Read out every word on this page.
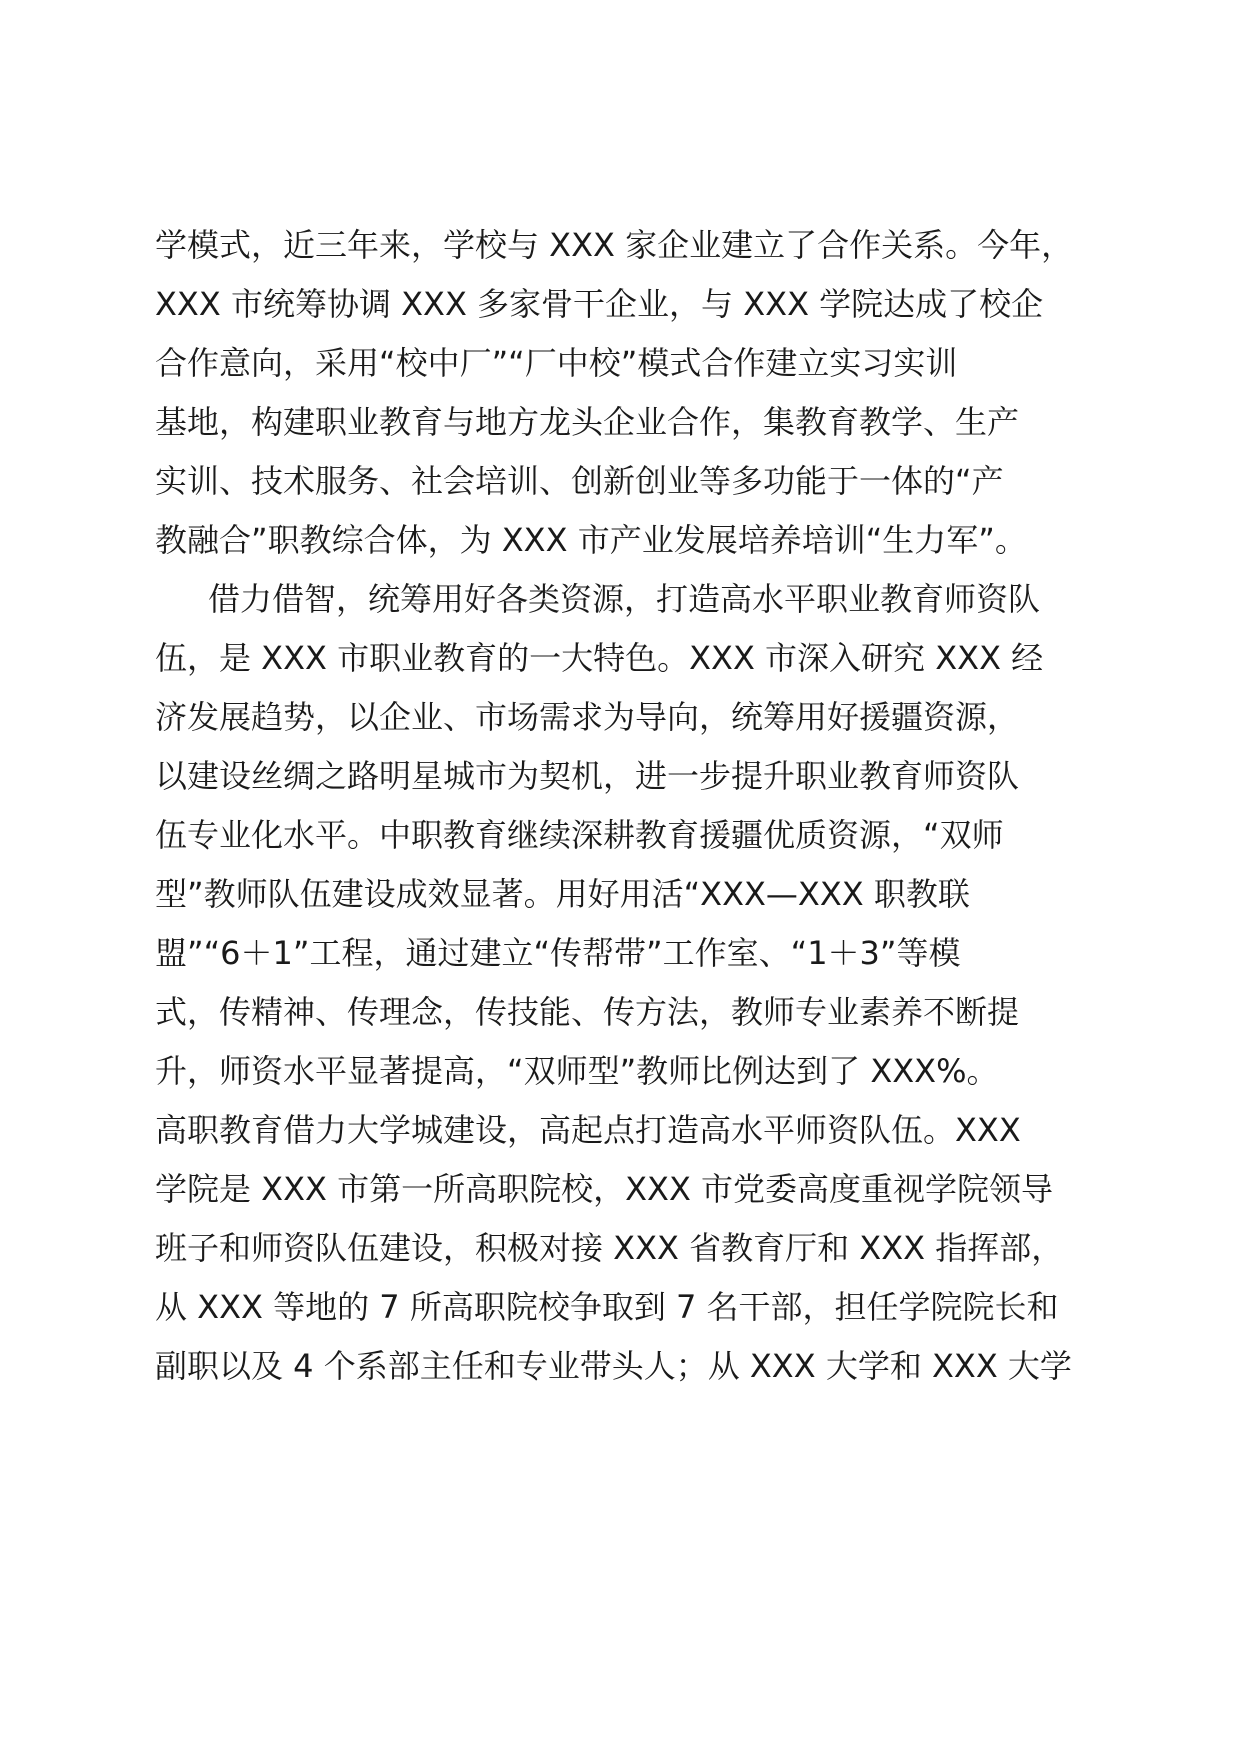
学模式，近三年来，学校与 XXX 家企业建立了合作关系。今年，
XXX 市统筹协调 XXX 多家骨干企业，与 XXX 学院达成了校企
合作意向，采用“校中厂”“厂中校”模式合作建立实习实训
基地，构建职业教育与地方龙头企业合作，集教育教学、生产
实训、技术服务、社会培训、创新创业等多功能于一体的“产
教融合”职教综合体，为 XXX 市产业发展培养培训“生力军”。
借力借智，统筹用好各类资源，打造高水平职业教育师资队
伍，是 XXX 市职业教育的一大特色。XXX 市深入研究 XXX 经
济发展趋势，以企业、市场需求为导向，统筹用好援疆资源，
以建设丝绸之路明星城市为契机，进一步提升职业教育师资队
伍专业化水平。中职教育继续深耕教育援疆优质资源，“双师
型”教师队伍建设成效显著。用好用活“XXX—XXX 职教联
盟”“6＋1”工程，通过建立“传帮带”工作室、“1＋3”等模
式，传精神、传理念，传技能、传方法，教师专业素养不断提
升，师资水平显著提高，“双师型”教师比例达到了 XXX%。
高职教育借力大学城建设，高起点打造高水平师资队伍。XXX
学院是 XXX 市第一所高职院校，XXX 市党委高度重视学院领导
班子和师资队伍建设，积极对接 XXX 省教育厅和 XXX 指挥部，
从 XXX 等地的 7 所高职院校争取到 7 名干部，担任学院院长和
副职以及 4 个系部主任和专业带头人；从 XXX 大学和 XXX 大学
